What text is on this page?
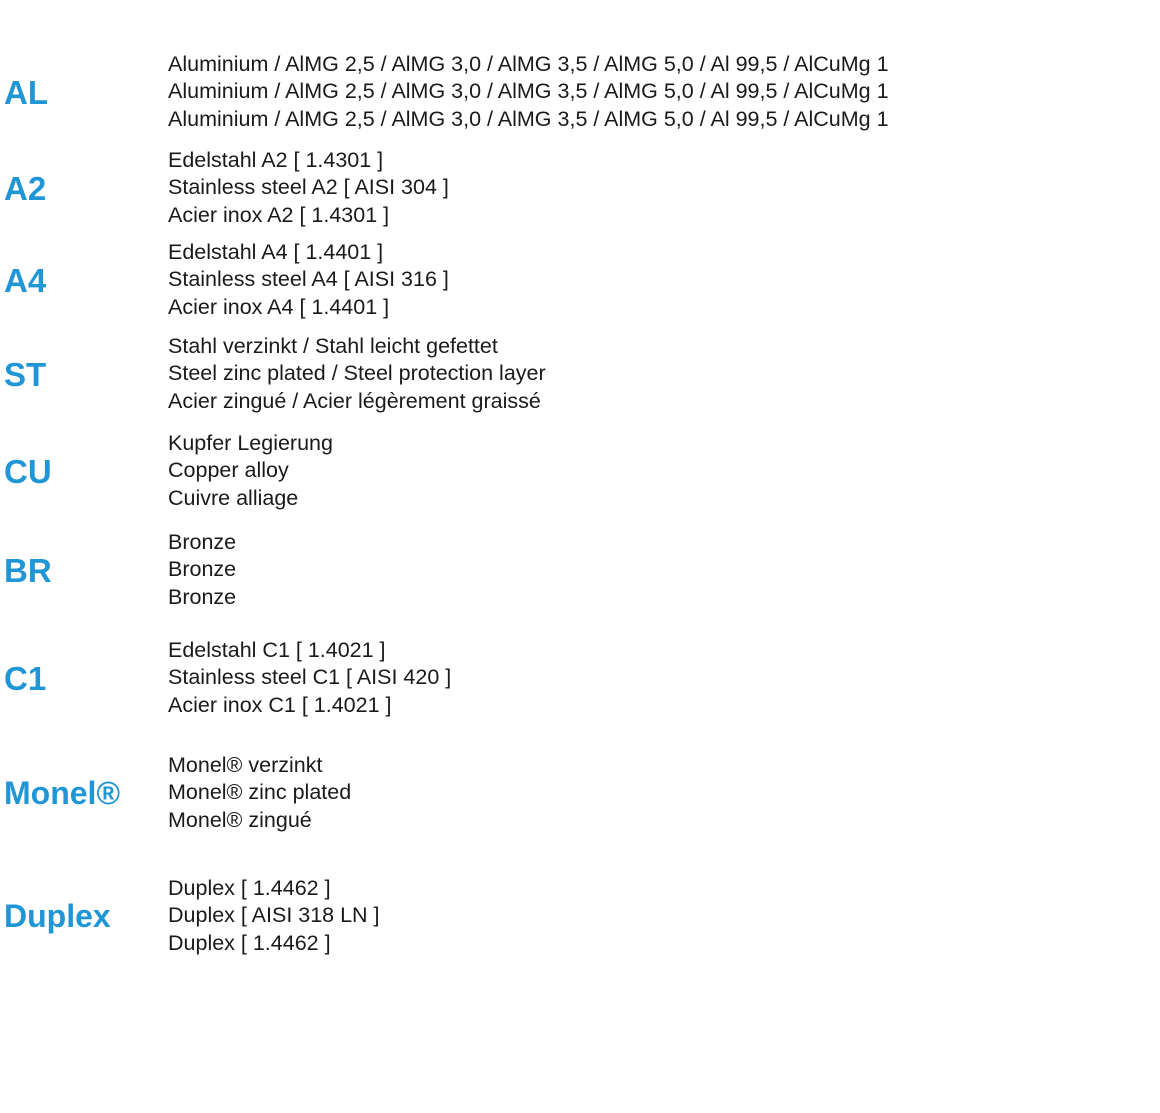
AL
Aluminium / AlMG 2,5 / AlMG 3,0 / AlMG 3,5 / AlMG 5,0 / Al 99,5 / AlCuMg 1
Aluminium / AlMG 2,5 / AlMG 3,0 / AlMG 3,5 / AlMG 5,0 / Al 99,5 / AlCuMg 1
Aluminium / AlMG 2,5 / AlMG 3,0 / AlMG 3,5 / AlMG 5,0 / Al 99,5 / AlCuMg 1
A2
Edelstahl A2 [ 1.4301 ]
Stainless steel A2 [ AISI 304 ]
Acier inox A2 [ 1.4301 ]
A4
Edelstahl A4 [ 1.4401 ]
Stainless steel A4 [ AISI 316 ]
Acier inox A4 [ 1.4401 ]
ST
Stahl verzinkt / Stahl leicht gefettet
Steel zinc plated / Steel protection layer
Acier zingué / Acier légèrement graissé
CU
Kupfer Legierung
Copper alloy
Cuivre alliage
BR
Bronze
Bronze
Bronze
C1
Edelstahl C1 [ 1.4021 ]
Stainless steel C1 [ AISI 420 ]
Acier inox C1 [ 1.4021 ]
Monel®
Monel® verzinkt
Monel® zinc plated
Monel® zingué
Duplex
Duplex [ 1.4462 ]
Duplex [ AISI 318 LN ]
Duplex [ 1.4462 ]
